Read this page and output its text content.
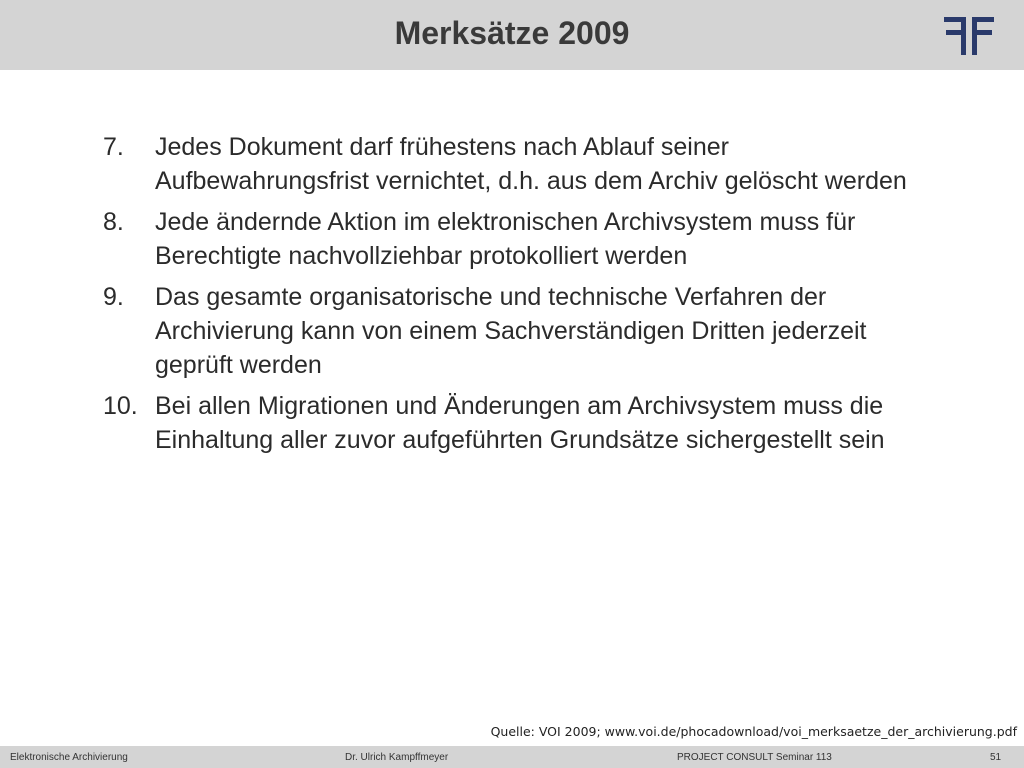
Merksätze 2009
7. Jedes Dokument darf frühestens nach Ablauf seiner Aufbewahrungsfrist vernichtet, d.h. aus dem Archiv gelöscht werden
8. Jede ändernde Aktion im elektronischen Archivsystem muss für Berechtigte nachvollziehbar protokolliert werden
9. Das gesamte organisatorische und technische Verfahren der Archivierung kann von einem Sachverständigen Dritten jederzeit geprüft werden
10. Bei allen Migrationen und Änderungen am Archivsystem muss die Einhaltung aller zuvor aufgeführten Grundsätze sichergestellt sein
Quelle: VOI 2009; www.voi.de/phocadownload/voi_merksaetze_der_archivierung.pdf
Elektronische Archivierung	Dr. Ulrich Kampffmeyer	PROJECT CONSULT Seminar 113	51
